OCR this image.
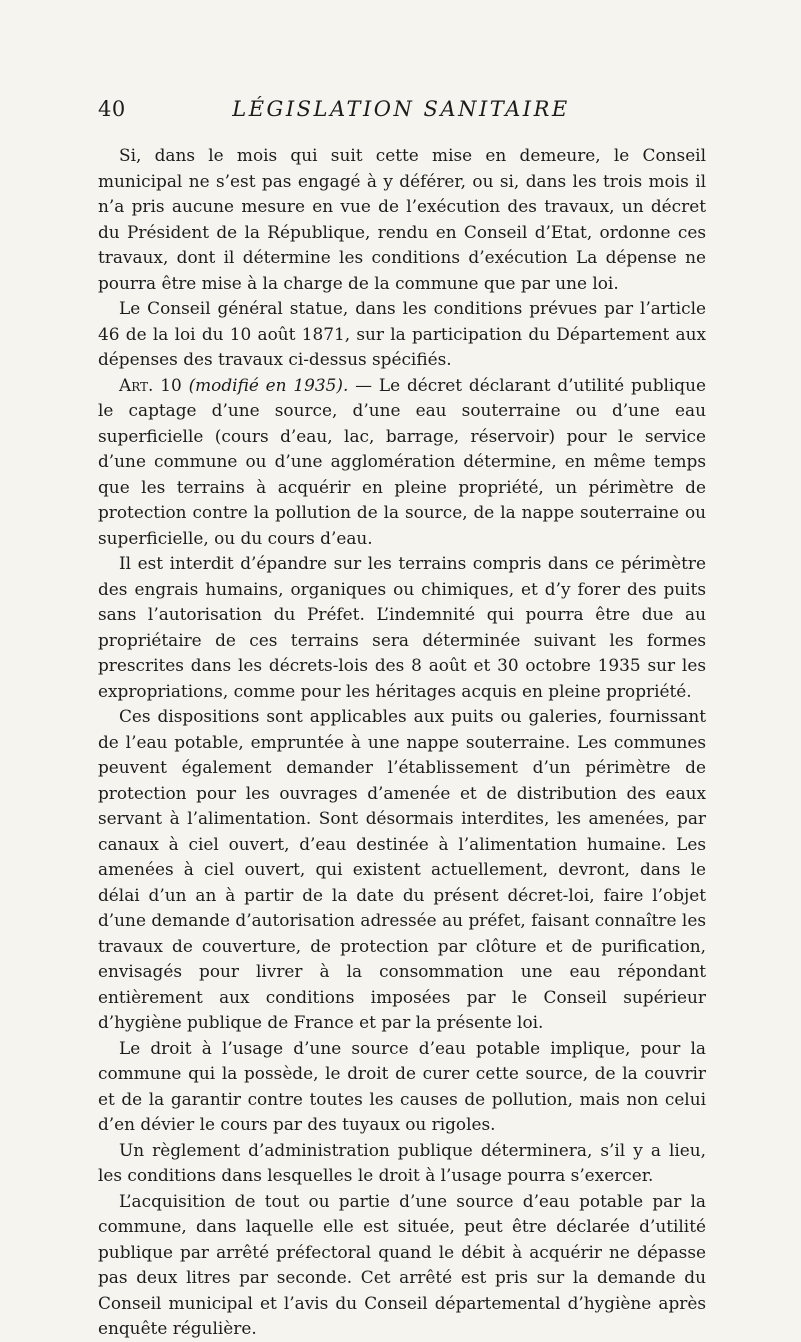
40	LÉGISLATION SANITAIRE

Si, dans le mois qui suit cette mise en demeure, le Conseil municipal ne s’est pas engagé à y déférer, ou si, dans les trois mois il n’a pris aucune mesure en vue de l’exécution des travaux, un décret du Président de la République, rendu en Conseil d’Etat, ordonne ces travaux, dont il détermine les conditions d’exécution La dépense ne pourra être mise à la charge de la commune que par une loi.

Le Conseil général statue, dans les conditions prévues par l’article 46 de la loi du 10 août 1871, sur la participation du Département aux dépenses des travaux ci-dessus spécifiés.

Art. 10 (modifié en 1935). — Le décret déclarant d’utilité publique le captage d’une source, d’une eau souterraine ou d’une eau superficielle (cours d’eau, lac, barrage, réservoir) pour le service d’une commune ou d’une agglomération détermine, en même temps que les terrains à acquérir en pleine propriété, un périmètre de protection contre la pollution de la source, de la nappe souterraine ou superficielle, ou du cours d’eau.

Il est interdit d’épandre sur les terrains compris dans ce périmètre des engrais humains, organiques ou chimiques, et d’y forer des puits sans l’autorisation du Préfet. L’indemnité qui pourra être due au propriétaire de ces terrains sera déterminée suivant les formes prescrites dans les décrets-lois des 8 août et 30 octobre 1935 sur les expropriations, comme pour les héritages acquis en pleine propriété.

Ces dispositions sont applicables aux puits ou galeries, fournissant de l’eau potable, empruntée à une nappe souterraine. Les communes peuvent également demander l’établissement d’un périmètre de protection pour les ouvrages d’amenée et de distribution des eaux servant à l’alimentation. Sont désormais interdites, les amenées, par canaux à ciel ouvert, d’eau destinée à l’alimentation humaine. Les amenées à ciel ouvert, qui existent actuellement, devront, dans le délai d’un an à partir de la date du présent décret-loi, faire l’objet d’une demande d’autorisation adressée au préfet, faisant connaître les travaux de couverture, de protection par clôture et de purification, envisagés pour livrer à la consommation une eau répondant entièrement aux conditions imposées par le Conseil supérieur d’hygiène publique de France et par la présente loi.

Le droit à l’usage d’une source d’eau potable implique, pour la commune qui la possède, le droit de curer cette source, de la couvrir et de la garantir contre toutes les causes de pollution, mais non celui d’en dévier le cours par des tuyaux ou rigoles.

Un règlement d’administration publique déterminera, s’il y a lieu, les conditions dans lesquelles le droit à l’usage pourra s’exercer.

L’acquisition de tout ou partie d’une source d’eau potable par la commune, dans laquelle elle est située, peut être déclarée d’utilité publique par arrêté préfectoral quand le débit à acquérir ne dépasse pas deux litres par seconde. Cet arrêté est pris sur la demande du Conseil municipal et l’avis du Conseil départemental d’hygiène après enquête régulière.
